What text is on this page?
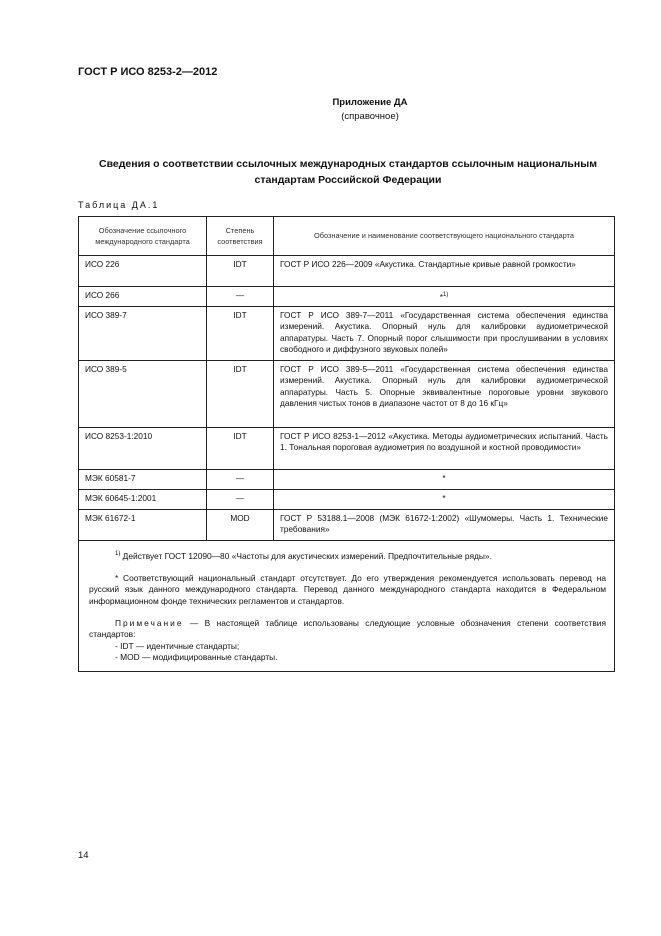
ГОСТ Р ИСО 8253-2—2012
Приложение ДА
(справочное)
Сведения о соответствии ссылочных международных стандартов ссылочным национальным
стандартам Российской Федерации
Таблица ДА.1
Обозначение ссылочного международного стандарта	Степень соответствия	Обозначение и наименование соответствующего национального стандарта
ИСО 226	IDT	ГОСТ Р ИСО 226—2009 «Акустика. Стандартные кривые равной громкости»
ИСО 266	—	*$^{1)}$
ИСО 389-7	IDT	ГОСТ Р ИСО 389-7—2011 «Государственная система обеспечения единства измерений. Акустика. Опорный нуль для калибровки аудиометрической аппаратуры. Часть 7. Опорный порог слышимости при прослушивании в условиях свободного и диффузного звуковых полей»
ИСО 389-5	IDT	ГОСТ Р ИСО 389-5—2011 «Государственная система обеспечения единства измерений. Акустика. Опорный нуль для калибровки аудиометрической аппаратуры. Часть 5. Опорные эквивалентные пороговые уровни звукового давления чистых тонов в диапазоне частот от 8 до 16 кГц»
ИСО 8253-1:2010	IDT	ГОСТ Р ИСО 8253-1—2012 «Акустика. Методы аудиометрических испытаний. Часть 1. Тональная пороговая аудиометрия по воздушной и костной проводимости»
МЭК 60581-7	—	*
МЭК 60645-1:2001	—	*
МЭК 61672-1	MOD	ГОСТ Р 53188.1—2008 (МЭК 61672-1:2002) «Шумомеры. Часть 1. Технические требования»

$^{1)}$ Действует ГОСТ 12090—80 «Частоты для акустических измерений. Предпочтительные ряды».

* Соответствующий национальный стандарт отсутствует. До его утверждения рекомендуется использовать перевод на русский язык данного международного стандарта. Перевод данного международного стандарта находится в Федеральном информационном фонде технических регламентов и стандартов.

Примечание — В настоящей таблице использованы следующие условные обозначения степени соответствия стандартов:

- IDT — идентичные стандарты;

- MOD — модифицированные стандарты.		

14
